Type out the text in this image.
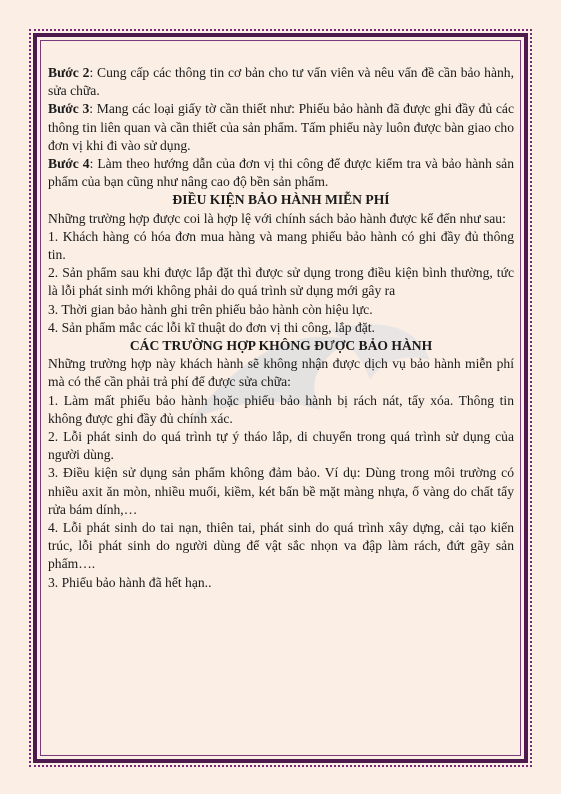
Bước 2: Cung cấp các thông tin cơ bản cho tư vấn viên và nêu vấn đề cần bảo hành, sửa chữa.

Bước 3: Mang các loại giấy tờ cần thiết như: Phiếu bảo hành đã được ghi đầy đủ các thông tin liên quan và cần thiết của sản phẩm. Tấm phiếu này luôn được bàn giao cho đơn vị khi đi vào sử dụng.

Bước 4: Làm theo hướng dẫn của đơn vị thi công để được kiểm tra và bảo hành sản phẩm của bạn cũng như nâng cao độ bền sản phẩm.

ĐIỀU KIỆN BẢO HÀNH MIỄN PHÍ

Những trường hợp được coi là hợp lệ với chính sách bảo hành được kể đến như sau:

1. Khách hàng có hóa đơn mua hàng và mang phiếu bảo hành có ghi đầy đủ thông tin.

2. Sản phẩm sau khi được lắp đặt thì được sử dụng trong điều kiện bình thường, tức là lỗi phát sinh mới không phải do quá trình sử dụng mới gây ra

3. Thời gian bảo hành ghi trên phiếu bảo hành còn hiệu lực.

4. Sản phẩm mắc các lỗi kĩ thuật do đơn vị thi công, lắp đặt.

CÁC TRƯỜNG HỢP KHÔNG ĐƯỢC BẢO HÀNH

Những trường hợp này khách hành sẽ không nhận được dịch vụ bảo hành miễn phí mà có thể cần phải trả phí để được sửa chữa:

1. Làm mất phiếu bảo hành hoặc phiếu bảo hành bị rách nát, tẩy xóa. Thông tin không được ghi đầy đủ chính xác.

2. Lỗi phát sinh do quá trình tự ý tháo lắp, di chuyển trong quá trình sử dụng của người dùng.

3. Điều kiện sử dụng sản phẩm không đảm bảo. Ví dụ: Dùng trong môi trường có nhiều axit ăn mòn, nhiều muối, kiềm, két bẩn bề mặt màng nhựa, ố vàng do chất tẩy rửa bám dính,…

4. Lỗi phát sinh do tai nạn, thiên tai, phát sinh do quá trình xây dựng, cải tạo kiến trúc, lỗi phát sinh do người dùng để vật sắc nhọn va đập làm rách, đứt gãy sản phẩm….

3. Phiếu bảo hành đã hết hạn..
